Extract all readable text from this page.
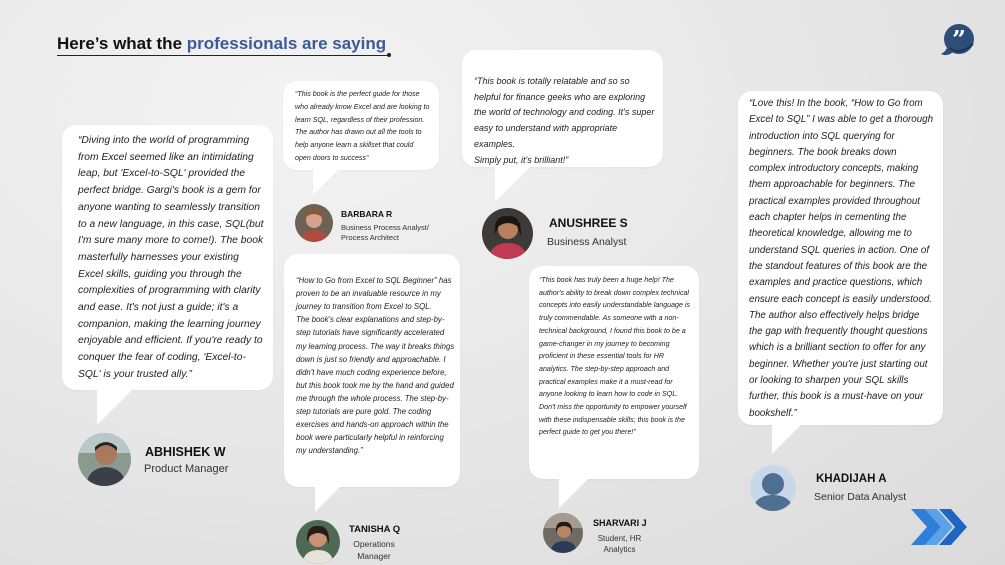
Here’s what the professionals are saying	”

“Diving into the world of programming from Excel seemed like an intimidating leap, but 'Excel-to-SQL' provided the perfect bridge. Gargi's book is a gem for anyone wanting to seamlessly transition to a new language, in this case, SQL(but I'm sure many more to come!). The book masterfully harnesses your existing Excel skills, guiding you through the complexities of programming with clarity and ease. It's not just a guide; it's a companion, making the learning journey enjoyable and efficient. If you're ready to conquer the fear of coding, 'Excel-to-SQL' is your trusted ally.”

ABHISHEK W
Product Manager

“This book is the perfect guide for those who already know Excel and are looking to learn SQL, regardless of their profession. The author has drawn out all the tools to help anyone learn a skillset that could open doors to success”

BARBARA R
Business Process Analyst/ Process Architect

“How to Go from Excel to SQL Beginner” has proven to be an invaluable resource in my journey to transition from Excel to SQL.
The book's clear explanations and step-by-step tutorials have significantly accelerated my learning process. The way it breaks things down is just so friendly and approachable. I didn't have much coding experience before, but this book took me by the hand and guided me through the whole process. The step-by-step tutorials are pure gold. The coding exercises and hands-on approach within the book were particularly helpful in reinforcing my understanding.”

TANISHA Q
Operations Manager

“This book is totally relatable and so so helpful for finance geeks who are exploring the world of technology and coding. It's super easy to understand with appropriate examples.
Simply put, it's brilliant!”

ANUSHREE S
Business Analyst

“This book has truly been a huge help! The author's ability to break down complex technical concepts into easily understandable language is truly commendable. As someone with a non-technical background, I found this book to be a game-changer in my journey to becoming proficient in these essential tools for HR analytics. The step-by-step approach and practical examples make it a must-read for anyone looking to learn how to code in SQL. Don't miss the opportunity to empower yourself with these indispensable skills; this book is the perfect guide to get you there!”

SHARVARI J
Student, HR Analytics

“Love this! In the book, “How to Go from Excel to SQL” I was able to get a thorough introduction into SQL querying for beginners. The book breaks down complex introductory concepts, making them approachable for beginners. The practical examples provided throughout each chapter helps in cementing the theoretical knowledge, allowing me to understand SQL queries in action. One of the standout features of this book are the examples and practice questions, which ensure each concept is easily understood. The author also effectively helps bridge the gap with frequently thought questions which is a brilliant section to offer for any beginner. Whether you're just starting out or looking to sharpen your SQL skills further, this book is a must-have on your bookshelf.”

KHADIJAH A
Senior Data Analyst
